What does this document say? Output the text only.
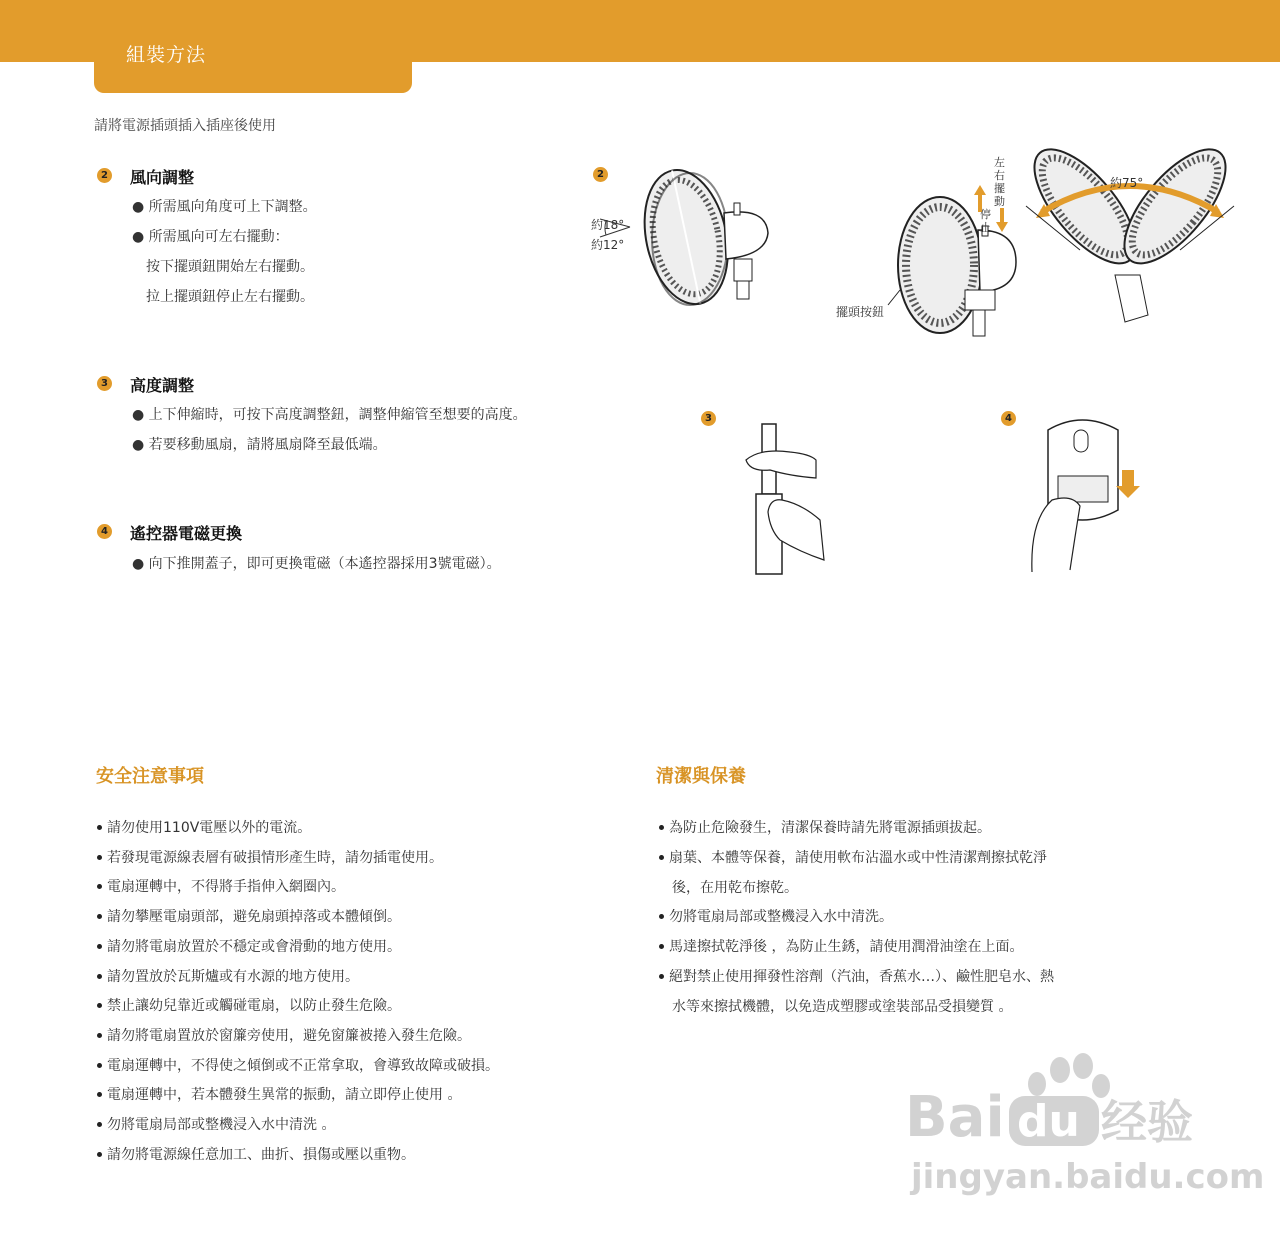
組裝方法
請將電源插頭插入插座後使用
2 風向調整
● 所需風向角度可上下調整。
● 所需風向可左右擺動：
按下擺頭鈕開始左右擺動。
拉上擺頭鈕停止左右擺動。
3 高度調整
● 上下伸縮時，可按下高度調整鈕，調整伸縮管至想要的高度。
● 若要移動風扇，請將風扇降至最低端。
4 遙控器電磁更換
● 向下推開蓋子，即可更換電磁（本遙控器採用3號電磁）。
2
約18°
約12°
左右擺動
停止
擺頭按鈕
約75°
3	4
安全注意事項
請勿使用110V電壓以外的電流。
若發現電源線表層有破損情形產生時，請勿插電使用。
電扇運轉中，不得將手指伸入網圈內。
請勿攀壓電扇頭部，避免扇頭掉落或本體傾倒。
請勿將電扇放置於不穩定或會滑動的地方使用。
請勿置放於瓦斯爐或有水源的地方使用。
禁止讓幼兒靠近或觸碰電扇，以防止發生危險。
請勿將電扇置放於窗簾旁使用，避免窗簾被捲入發生危險。
電扇運轉中，不得使之傾倒或不正常拿取，會導致故障或破損。
電扇運轉中，若本體發生異常的振動，請立即停止使用 。
勿將電扇局部或整機浸入水中清洗 。
請勿將電源線任意加工、曲折、損傷或壓以重物。
清潔與保養
為防止危險發生，清潔保養時請先將電源插頭拔起。
扇葉、本體等保養，請使用軟布沾溫水或中性清潔劑擦拭乾淨
後，在用乾布擦乾。
勿將電扇局部或整機浸入水中清洗。
馬達擦拭乾淨後 ，為防止生銹，請使用潤滑油塗在上面。
絕對禁止使用揮發性溶劑（汽油，香蕉水…）、鹼性肥皂水、熱
水等來擦拭機體，以免造成塑膠或塗裝部品受損變質 。
Bai du 经验
jingyan.baidu.com
